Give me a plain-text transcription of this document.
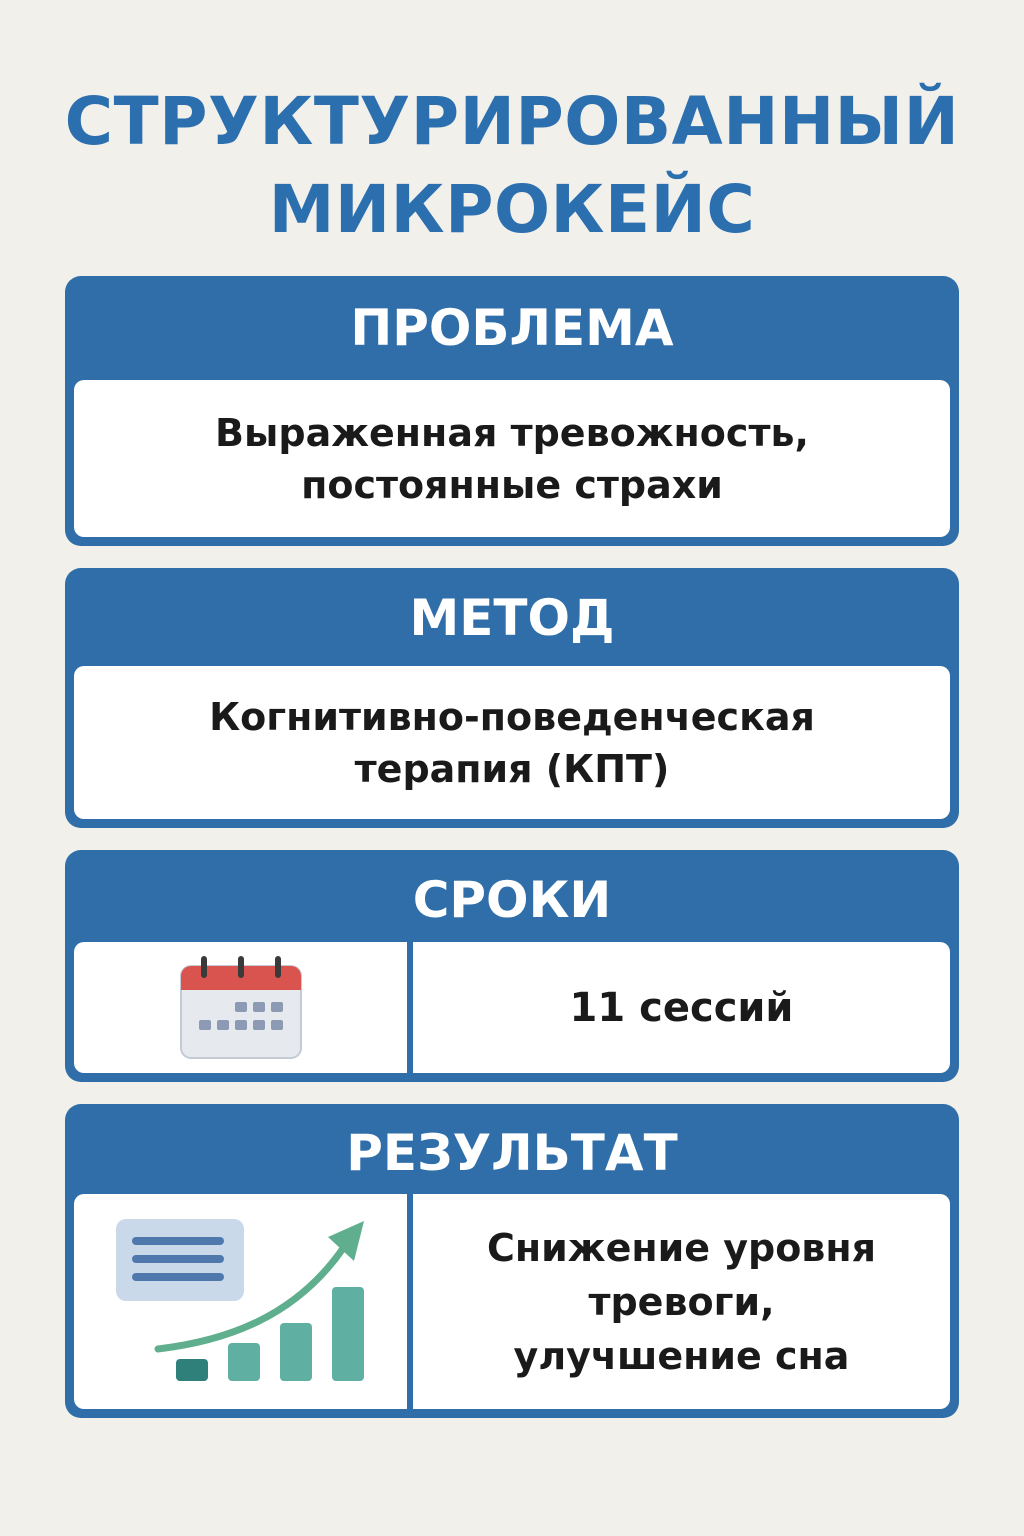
СТРУКТУРИРОВАННЫЙ
МИКРОКЕЙС
ПРОБЛЕМА
Выраженная тревожность,
постоянные страхи
МЕТОД
Когнитивно-поведенческая
терапия (КПТ)
СРОКИ
11 сессий
РЕЗУЛЬТАТ
Снижение уровня
тревоги,
улучшение сна
